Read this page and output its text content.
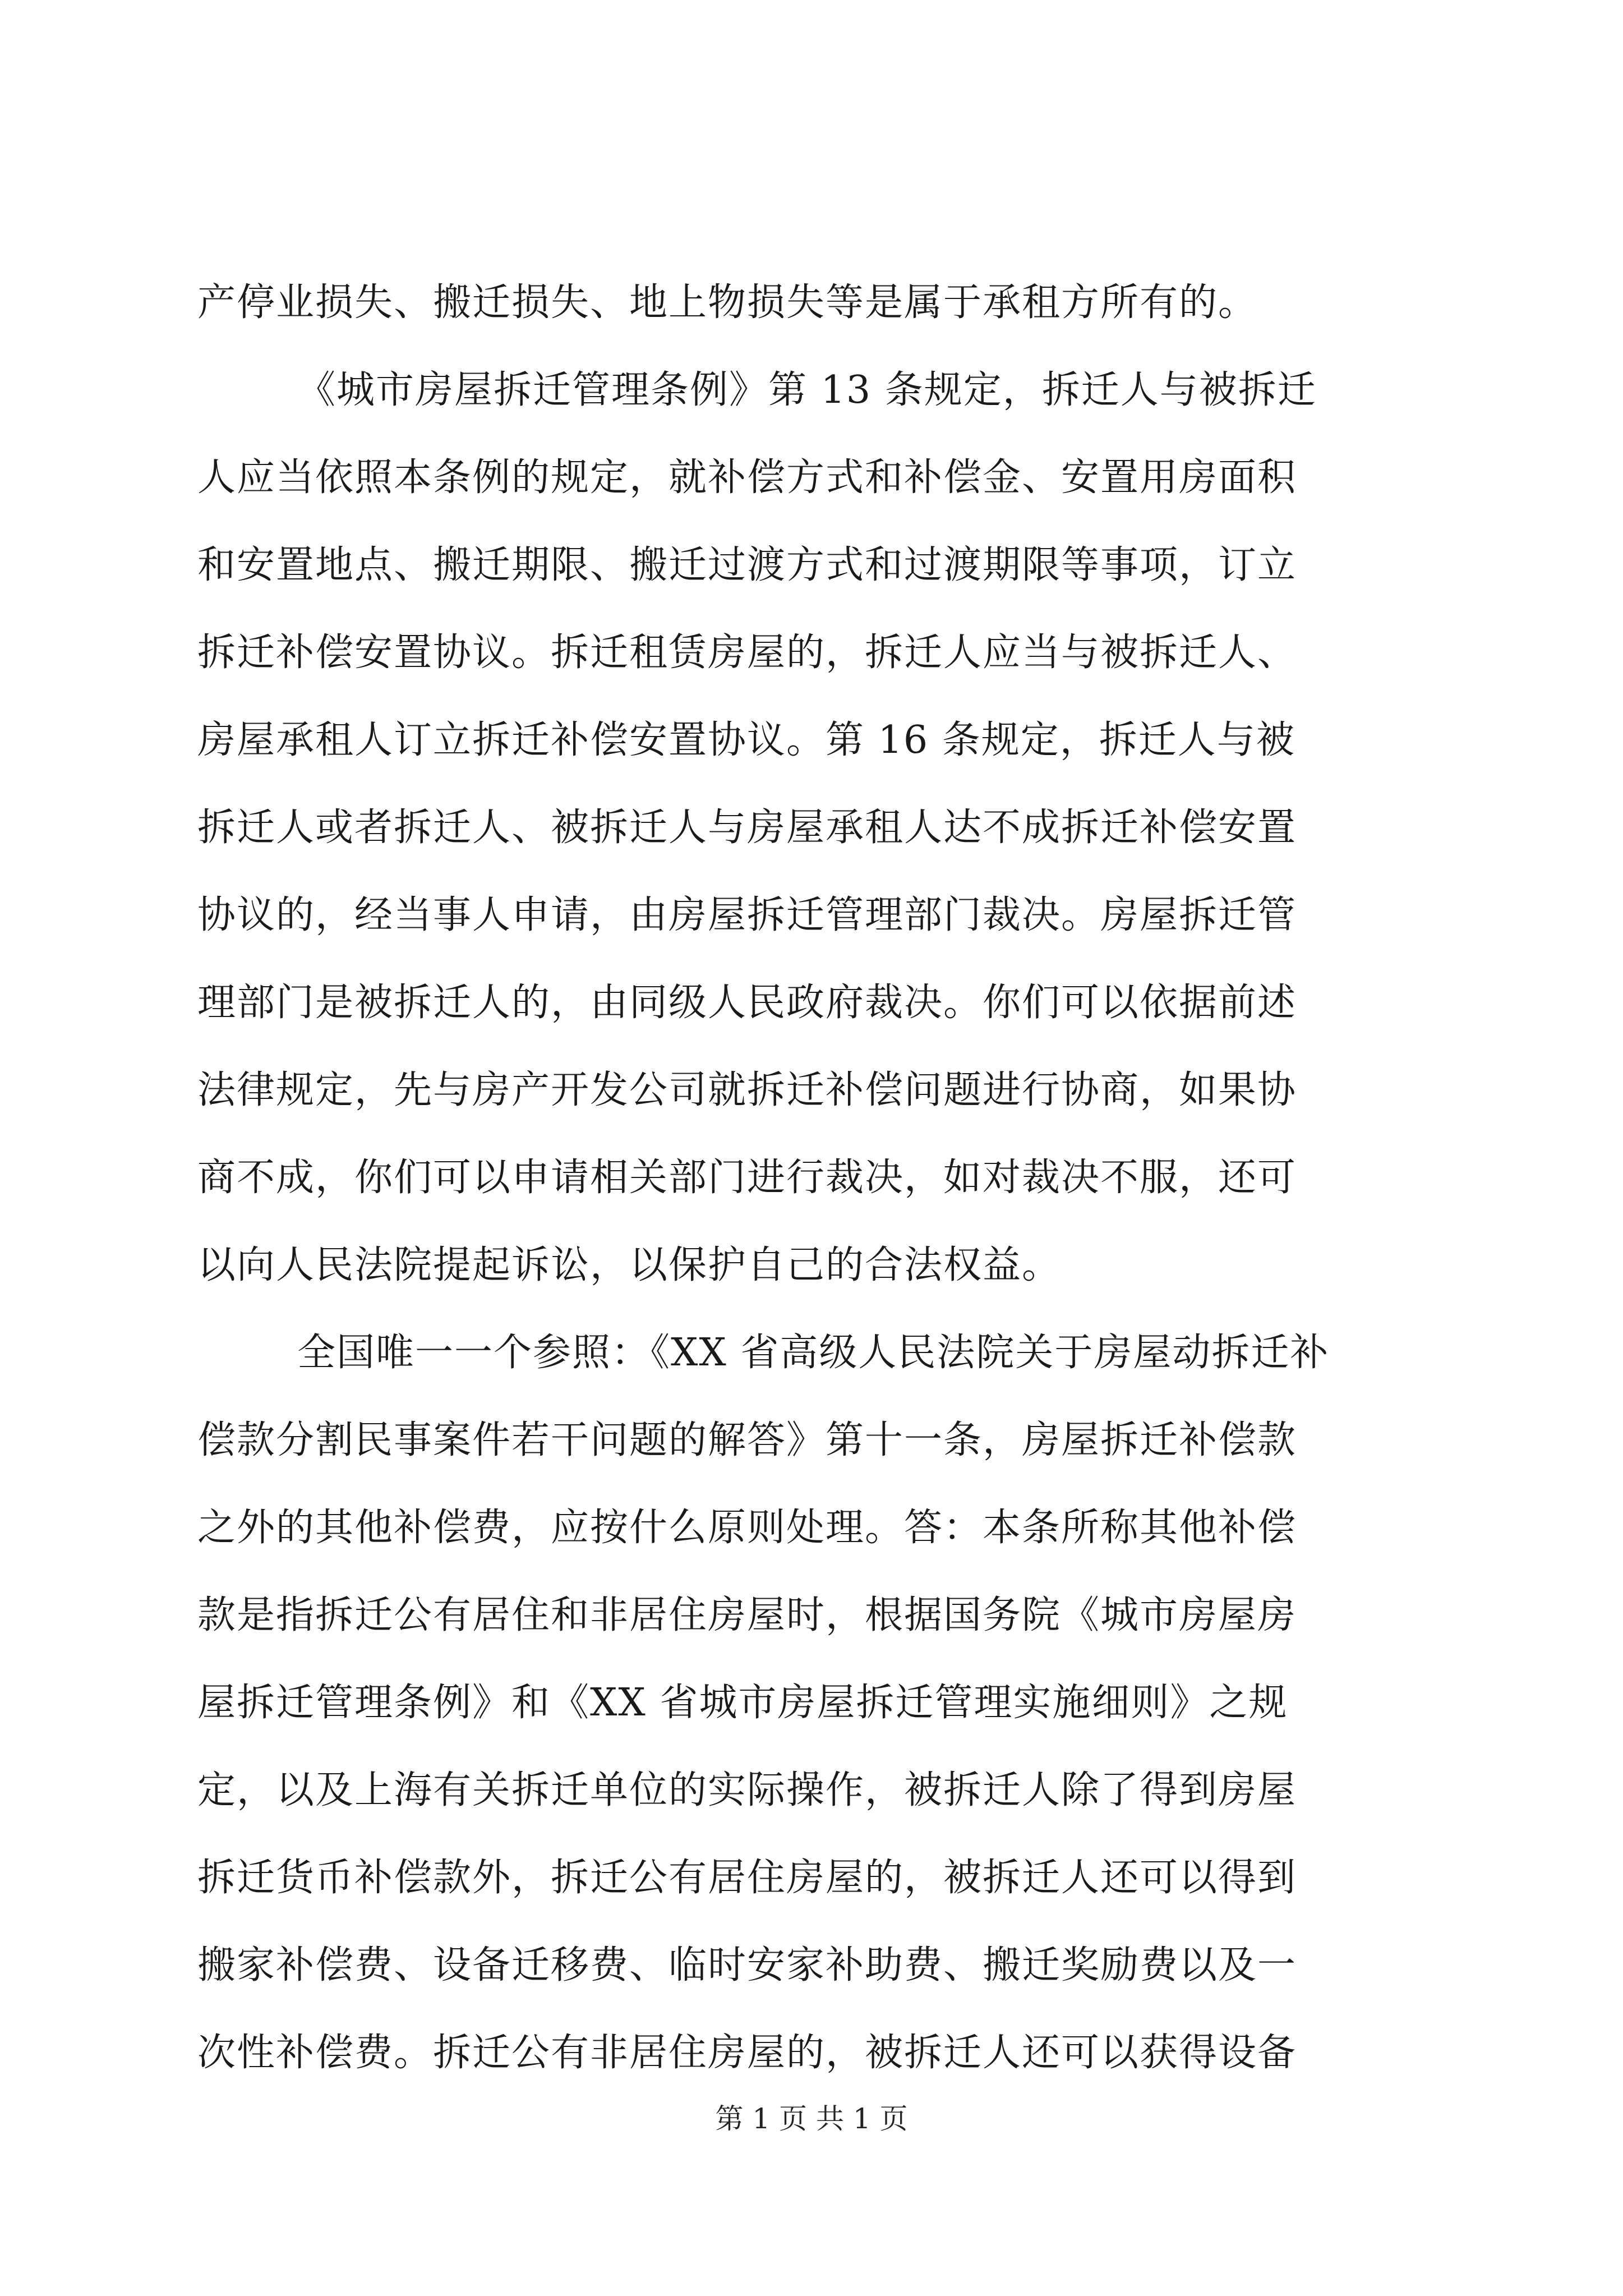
产停业损失、搬迁损失、地上物损失等是属于承租方所有的。
《城市房屋拆迁管理条例》第 13 条规定，拆迁人与被拆迁
人应当依照本条例的规定，就补偿方式和补偿金、安置用房面积
和安置地点、搬迁期限、搬迁过渡方式和过渡期限等事项，订立
拆迁补偿安置协议。拆迁租赁房屋的，拆迁人应当与被拆迁人、
房屋承租人订立拆迁补偿安置协议。第 16 条规定，拆迁人与被
拆迁人或者拆迁人、被拆迁人与房屋承租人达不成拆迁补偿安置
协议的，经当事人申请，由房屋拆迁管理部门裁决。房屋拆迁管
理部门是被拆迁人的，由同级人民政府裁决。你们可以依据前述
法律规定，先与房产开发公司就拆迁补偿问题进行协商，如果协
商不成，你们可以申请相关部门进行裁决，如对裁决不服，还可
以向人民法院提起诉讼，以保护自己的合法权益。
全国唯一一个参照：《XX 省高级人民法院关于房屋动拆迁补
偿款分割民事案件若干问题的解答》第十一条，房屋拆迁补偿款
之外的其他补偿费，应按什么原则处理。答：本条所称其他补偿
款是指拆迁公有居住和非居住房屋时，根据国务院《城市房屋房
屋拆迁管理条例》和《XX 省城市房屋拆迁管理实施细则》之规
定，以及上海有关拆迁单位的实际操作，被拆迁人除了得到房屋
拆迁货币补偿款外，拆迁公有居住房屋的，被拆迁人还可以得到
搬家补偿费、设备迁移费、临时安家补助费、搬迁奖励费以及一
次性补偿费。拆迁公有非居住房屋的，被拆迁人还可以获得设备
第 1 页 共 1 页
